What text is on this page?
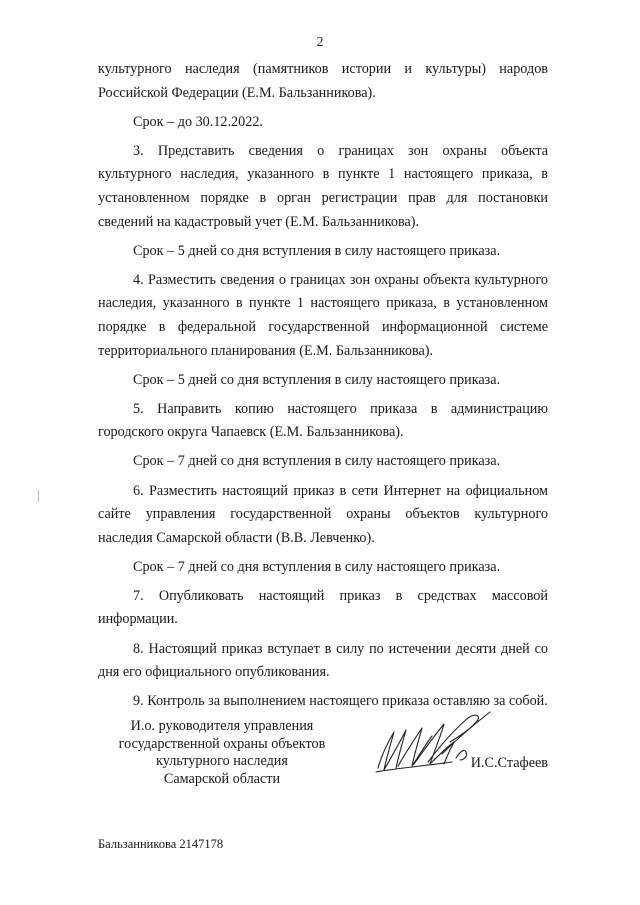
2

культурного наследия (памятников истории и культуры) народов Российской Федерации (Е.М. Бальзанникова).

Срок – до 30.12.2022.

3. Представить сведения о границах зон охраны объекта культурного наследия, указанного в пункте 1 настоящего приказа, в установленном порядке в орган регистрации прав для постановки сведений на кадастровый учет (Е.М. Бальзанникова).

Срок – 5 дней со дня вступления в силу настоящего приказа.

4. Разместить сведения о границах зон охраны объекта культурного наследия, указанного в пункте 1 настоящего приказа, в установленном порядке в федеральной государственной информационной системе территориального планирования (Е.М. Бальзанникова).

Срок – 5 дней со дня вступления в силу настоящего приказа.

5. Направить копию настоящего приказа в администрацию городского округа Чапаевск (Е.М. Бальзанникова).

Срок – 7 дней со дня вступления в силу настоящего приказа.

6. Разместить настоящий приказ в сети Интернет на официальном сайте управления государственной охраны объектов культурного наследия Самарской области (В.В. Левченко).

Срок – 7 дней со дня вступления в силу настоящего приказа.

7. Опубликовать настоящий приказ в средствах массовой информации.

8. Настоящий приказ вступает в силу по истечении десяти дней со дня его официального опубликования.

9. Контроль за выполнением настоящего приказа оставляю за собой.

И.о. руководителя управления
государственной охраны объектов
культурного наследия
Самарской области
И.С.Стафеев
Бальзанникова 2147178
